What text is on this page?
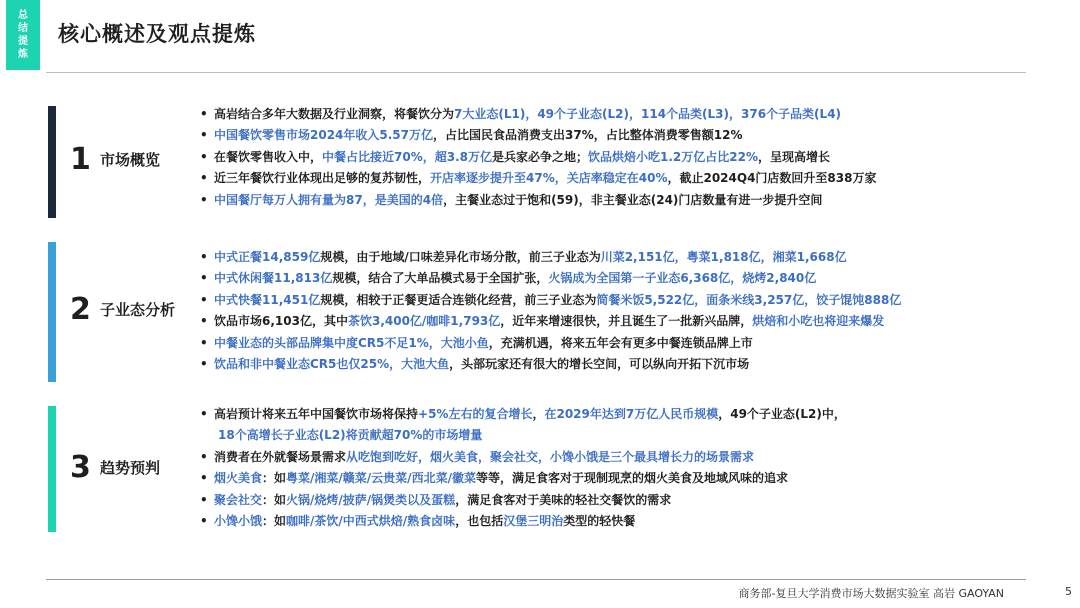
总结提炼
核心概述及观点提炼
1 市场概览
• 高岩结合多年大数据及行业洞察，将餐饮分为7大业态(L1)，49个子业态(L2)，114个品类(L3)，376个子品类(L4)
• 中国餐饮零售市场2024年收入5.57万亿，占比国民食品消费支出37%，占比整体消费零售额12%
• 在餐饮零售收入中，中餐占比接近70%，超3.8万亿是兵家必争之地；饮品烘焙小吃1.2万亿占比22%，呈现高增长
• 近三年餐饮行业体现出足够的复苏韧性，开店率逐步提升至47%，关店率稳定在40%，截止2024Q4门店数回升至838万家
• 中国餐厅每万人拥有量为87，是美国的4倍，主餐业态过于饱和(59)，非主餐业态(24)门店数量有进一步提升空间
2 子业态分析
• 中式正餐14,859亿规模，由于地域/口味差异化市场分散，前三子业态为川菜2,151亿，粤菜1,818亿，湘菜1,668亿
• 中式休闲餐11,813亿规模，结合了大单品模式易于全国扩张，火锅成为全国第一子业态6,368亿，烧烤2,840亿
• 中式快餐11,451亿规模，相较于正餐更适合连锁化经营，前三子业态为简餐米饭5,522亿，面条米线3,257亿，饺子馄饨888亿
• 饮品市场6,103亿，其中茶饮3,400亿/咖啡1,793亿，近年来增速很快，并且诞生了一批新兴品牌，烘焙和小吃也将迎来爆发
• 中餐业态的头部品牌集中度CR5不足1%，大池小鱼，充满机遇，将来五年会有更多中餐连锁品牌上市
• 饮品和非中餐业态CR5也仅25%，大池大鱼，头部玩家还有很大的增长空间，可以纵向开拓下沉市场
3 趋势预判
• 高岩预计将来五年中国餐饮市场将保持+5%左右的复合增长，在2029年达到7万亿人民币规模，49个子业态(L2)中，
18个高增长子业态(L2)将贡献超70%的市场增量
• 消费者在外就餐场景需求从吃饱到吃好，烟火美食，聚会社交，小馋小饿是三个最具增长力的场景需求
• 烟火美食：如粤菜/湘菜/赣菜/云贵菜/西北菜/徽菜等等，满足食客对于现制现烹的烟火美食及地域风味的追求
• 聚会社交：如火锅/烧烤/披萨/锅煲类以及蛋糕，满足食客对于美味的轻社交餐饮的需求
• 小馋小饿：如咖啡/茶饮/中西式烘焙/熟食卤味，也包括汉堡三明治类型的轻快餐
商务部-复旦大学消费市场大数据实验室 高岩 GAOYAN	5
